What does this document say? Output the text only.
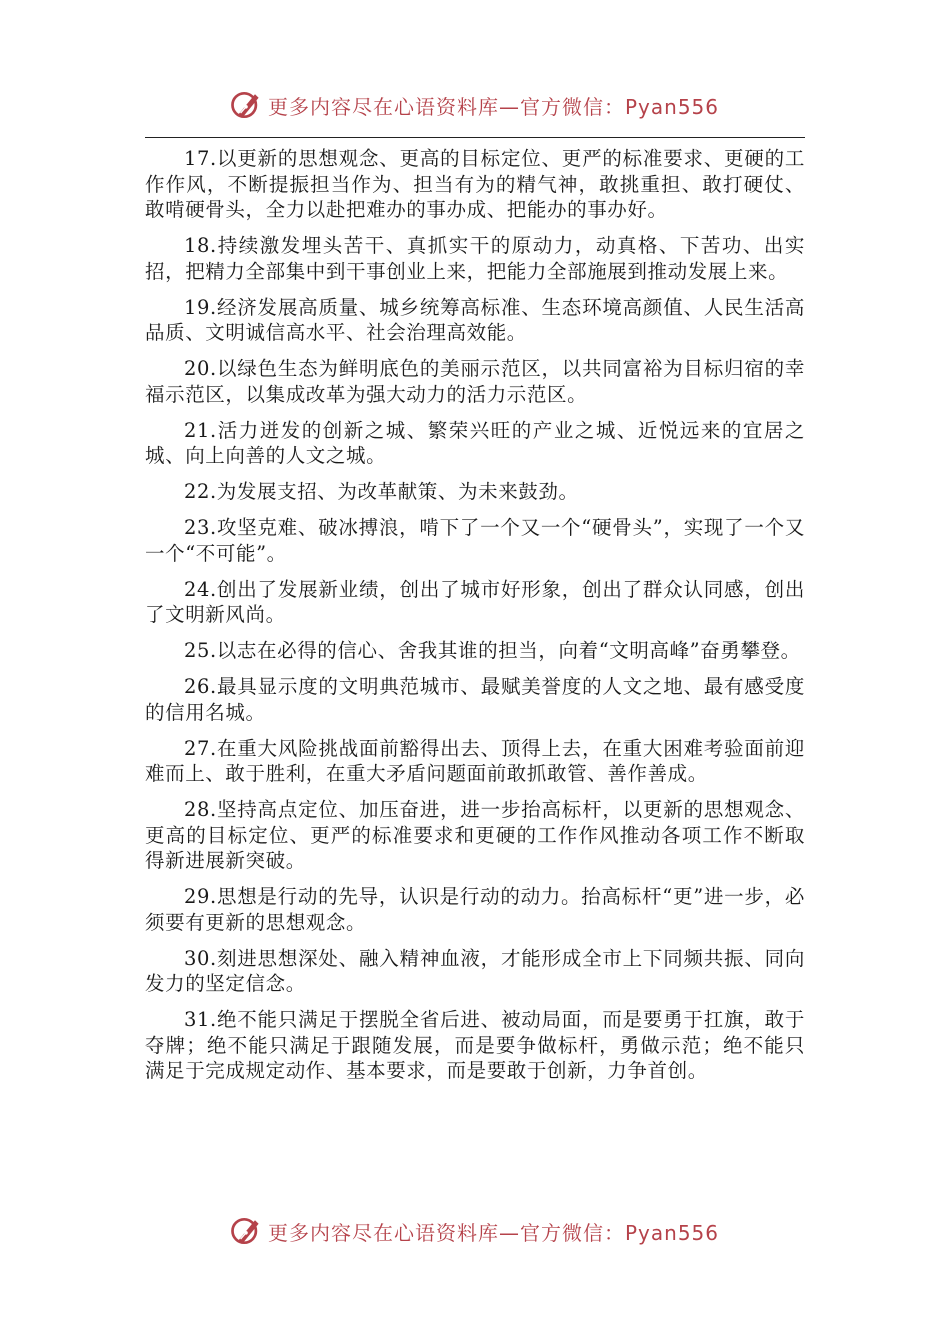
更多内容尽在心语资料库—官方微信：Pyan556

17.以更新的思想观念、更高的目标定位、更严的标准要求、更硬的工作作风，不断提振担当作为、担当有为的精气神，敢挑重担、敢打硬仗、敢啃硬骨头，全力以赴把难办的事办成、把能办的事办好。

18.持续激发埋头苦干、真抓实干的原动力，动真格、下苦功、出实招，把精力全部集中到干事创业上来，把能力全部施展到推动发展上来。

19.经济发展高质量、城乡统筹高标准、生态环境高颜值、人民生活高品质、文明诚信高水平、社会治理高效能。

20.以绿色生态为鲜明底色的美丽示范区，以共同富裕为目标归宿的幸福示范区，以集成改革为强大动力的活力示范区。

21.活力迸发的创新之城、繁荣兴旺的产业之城、近悦远来的宜居之城、向上向善的人文之城。

22.为发展支招、为改革献策、为未来鼓劲。

23.攻坚克难、破冰搏浪，啃下了一个又一个“硬骨头”，实现了一个又一个“不可能”。

24.创出了发展新业绩，创出了城市好形象，创出了群众认同感，创出了文明新风尚。

25.以志在必得的信心、舍我其谁的担当，向着“文明高峰”奋勇攀登。

26.最具显示度的文明典范城市、最赋美誉度的人文之地、最有感受度的信用名城。

27.在重大风险挑战面前豁得出去、顶得上去，在重大困难考验面前迎难而上、敢于胜利，在重大矛盾问题面前敢抓敢管、善作善成。

28.坚持高点定位、加压奋进，进一步抬高标杆，以更新的思想观念、更高的目标定位、更严的标准要求和更硬的工作作风推动各项工作不断取得新进展新突破。

29.思想是行动的先导，认识是行动的动力。抬高标杆“更”进一步，必须要有更新的思想观念。

30.刻进思想深处、融入精神血液，才能形成全市上下同频共振、同向发力的坚定信念。

31.绝不能只满足于摆脱全省后进、被动局面，而是要勇于扛旗，敢于夺牌；绝不能只满足于跟随发展，而是要争做标杆，勇做示范；绝不能只满足于完成规定动作、基本要求，而是要敢于创新，力争首创。

更多内容尽在心语资料库—官方微信：Pyan556
